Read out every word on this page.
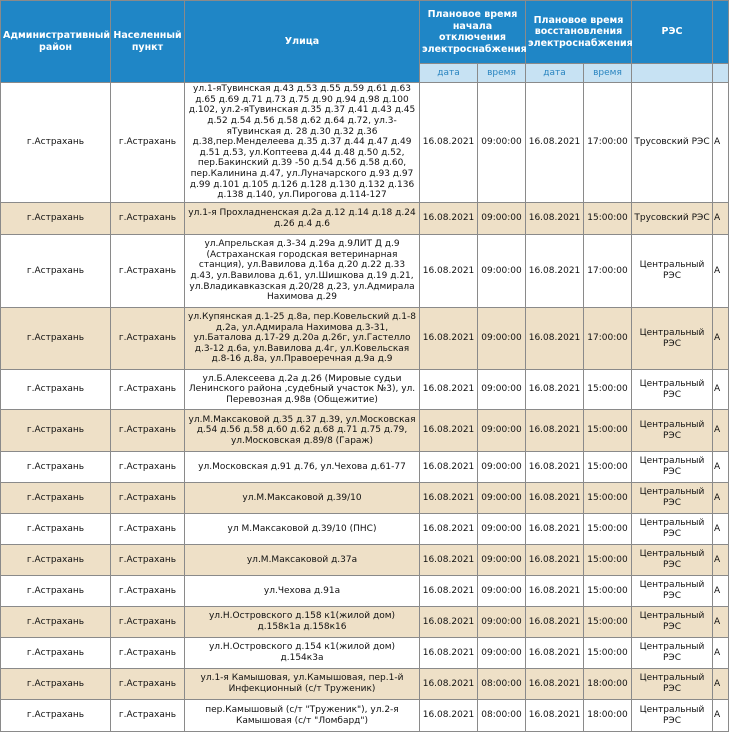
Административный район	Населенный пункт	Улица	Плановое время начала отключения электроснабжения		Плановое время восстановления электроснабжения		РЭС	
			дата	время	дата	время		
г.Астрахань	г.Астрахань	ул.1-яТувинская д.43 д.53 д.55 д.59 д.61 д.63 д.65 д.69 д.71 д.73 д.75 д.90 д.94 д.98 д.100 д.102, ул.2-яТувинская д.35 д.37 д.41 д.43 д.45 д.52 д.54 д.56 д.58 д.62 д.64 д.72, ул.3-яТувинская д. 28 д.30 д.32 д.36 д.38,пер.Менделеева д.35 д.37 д.44 д.47 д.49 д.51 д.53, ул.Коптеева д.44 д.48 д.50 д.52, пер.Бакинский д.39 -50 д.54 д.56 д.58 д.60, пер.Калинина д.47, ул.Луначарского д.93 д.97 д.99 д.101 д.105 д.126 д.128 д.130 д.132 д.136 д.138 д.140, ул.Пирогова д.114-127	16.08.2021	09:00:00	16.08.2021	17:00:00	Трусовский РЭС	А
г.Астрахань	г.Астрахань	ул.1-я Прохладненская д.2а д.12 д.14 д.18 д.24 д.26 д.4 д.6	16.08.2021	09:00:00	16.08.2021	15:00:00	Трусовский РЭС	А
г.Астрахань	г.Астрахань	ул.Апрельская д.3-34 д.29а д.9ЛИТ Д д.9 (Астраханская городская ветеринарная станция), ул.Вавилова д.16а д.20 д.22 д.33 д.43, ул.Вавилова д.61, ул.Шишкова д.19 д.21, ул.Владикавказская д.20/28 д.23, ул.Адмирала Нахимова д.29	16.08.2021	09:00:00	16.08.2021	17:00:00	Центральный РЭС	А
г.Астрахань	г.Астрахань	ул.Купянская д.1-25 д.8а, пер.Ковельский д.1-8 д.2а, ул.Адмирала Нахимова д.3-31, ул.Баталова д.17-29 д.20а д.26г, ул.Гастелло д.3-12 д.6а, ул.Вавилова д.4г, ул.Ковельская д.8-16 д.8а, ул.Правоеречная д.9а д.9	16.08.2021	09:00:00	16.08.2021	17:00:00	Центральный РЭС	А
г.Астрахань	г.Астрахань	ул.Б.Алексеева д.2а д.26 (Мировые судьи Ленинского района ,судебный участок №3), ул. Перевозная д.98в (Общежитие)	16.08.2021	09:00:00	16.08.2021	15:00:00	Центральный РЭС	А
г.Астрахань	г.Астрахань	ул.М.Максаковой д.35 д.37 д.39, ул.Московская д.54 д.56 д.58 д.60 д.62 д.68 д.71 д.75 д.79, ул.Московская д.89/8 (Гараж)	16.08.2021	09:00:00	16.08.2021	15:00:00	Центральный РЭС	А
г.Астрахань	г.Астрахань	ул.Московская д.91 д.76, ул.Чехова д.61-77	16.08.2021	09:00:00	16.08.2021	15:00:00	Центральный РЭС	А
г.Астрахань	г.Астрахань	ул.М.Максаковой д.39/10	16.08.2021	09:00:00	16.08.2021	15:00:00	Центральный РЭС	А
г.Астрахань	г.Астрахань	ул М.Максаковой д.39/10 (ПНС)	16.08.2021	09:00:00	16.08.2021	15:00:00	Центральный РЭС	А
г.Астрахань	г.Астрахань	ул.М.Максаковой д.37а	16.08.2021	09:00:00	16.08.2021	15:00:00	Центральный РЭС	А
г.Астрахань	г.Астрахань	ул.Чехова д.91а	16.08.2021	09:00:00	16.08.2021	15:00:00	Центральный РЭС	А
г.Астрахань	г.Астрахань	ул.Н.Островского д.158 к1(жилой дом) д.158к1а д.158к16	16.08.2021	09:00:00	16.08.2021	15:00:00	Центральный РЭС	А
г.Астрахань	г.Астрахань	ул.Н.Островского д.154 к1(жилой дом) д.154к3а	16.08.2021	09:00:00	16.08.2021	15:00:00	Центральный РЭС	А
г.Астрахань	г.Астрахань	ул.1-я Камышовая, ул.Камышовая, пер.1-й Инфекционный (с/т Труженик)	16.08.2021	08:00:00	16.08.2021	18:00:00	Центральный РЭС	А
г.Астрахань	г.Астрахань	пер.Камышовый (с/т "Труженик"), ул.2-я Камышовая (с/т "Ломбард")	16.08.2021	08:00:00	16.08.2021	18:00:00	Центральный РЭС	А
